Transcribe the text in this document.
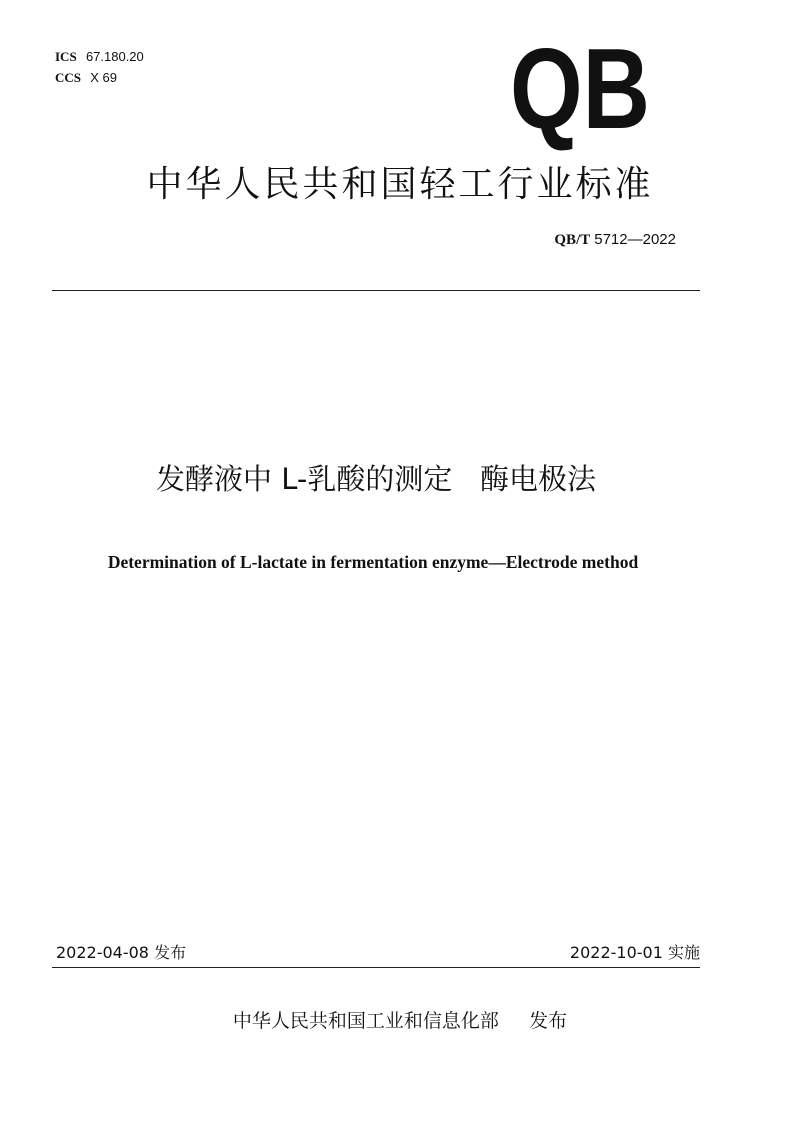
ICS 67.180.20
CCS X 69	QB
中华人民共和国轻工行业标准
QB/T 5712—2022
发酵液中 L-乳酸的测定   酶电极法
Determination of L-lactate in fermentation enzyme—Electrode method
2022-04-08 发布	2022-10-01 实施
中华人民共和国工业和信息化部     发布
